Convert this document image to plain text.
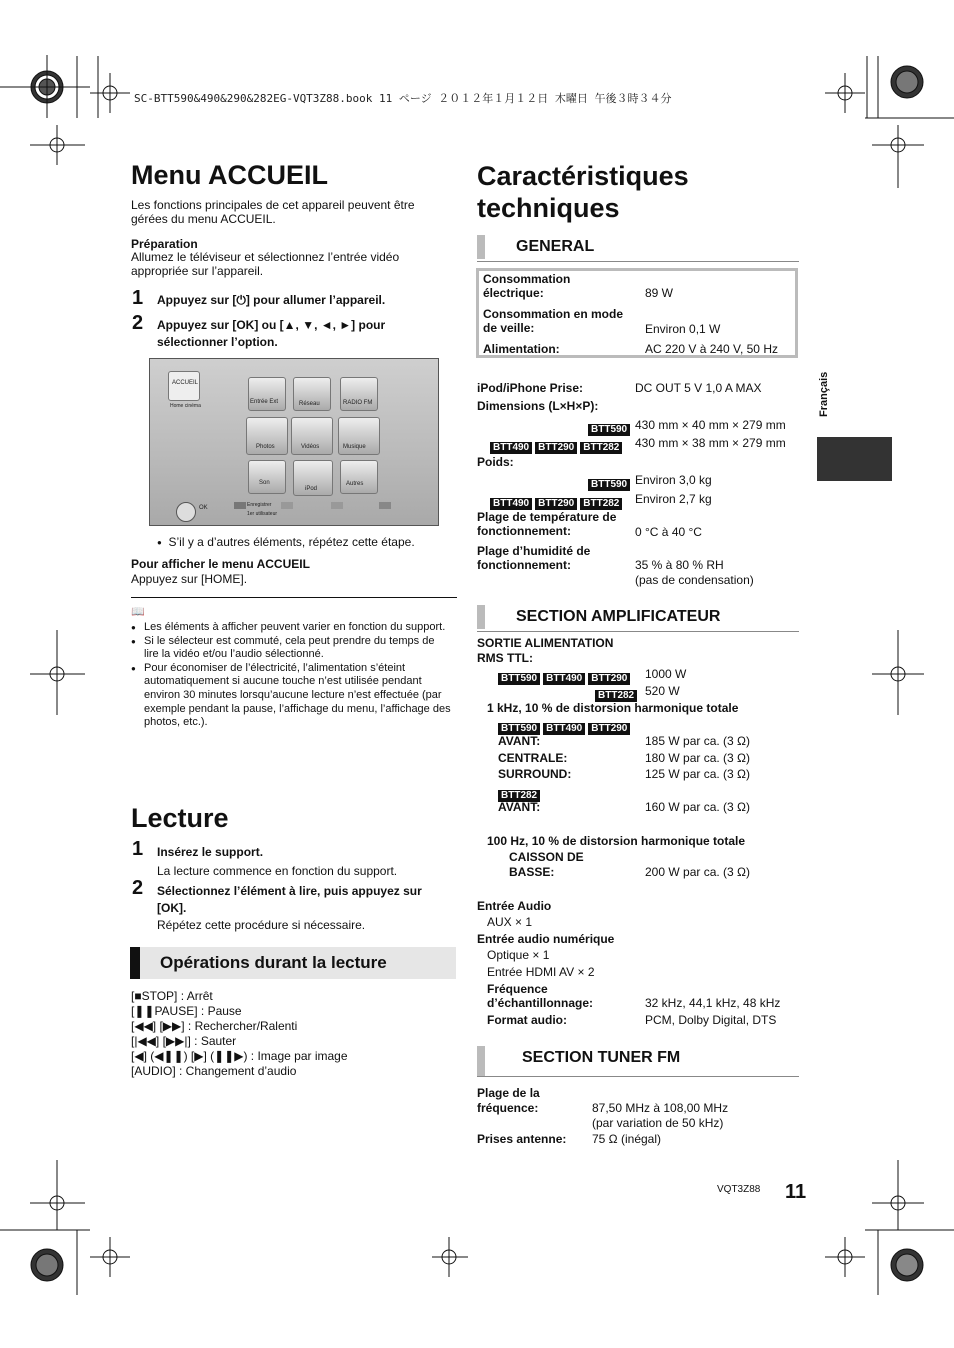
SC-BTT590&490&290&282EG-VQT3Z88.book 11 ページ ２０１２年１月１２日 木曜日 午後３時３４分
Français
Menu ACCUEIL
Les fonctions principales de cet appareil peuvent être gérées du menu ACCUEIL.
Préparation
Allumez le téléviseur et sélectionnez l’entrée vidéo appropriée sur l’appareil.
1 Appuyez sur [⏻] pour allumer l’appareil.
2 Appuyez sur [OK] ou [▲, ▼, ◄, ►] pour sélectionner l’option.
ACCUEIL
Home cinéma
Entrée Ext	Réseau	RADIO FM
Photos	Vidéos	Musique
Son
iPod
Autres
OK	Enregistrer
1er utilisateur
● S’il y a d’autres éléments, répétez cette étape.
Pour afficher le menu ACCUEIL
Appuyez sur [HOME].
📖
● Les éléments à afficher peuvent varier en fonction du support.
● Si le sélecteur est commuté, cela peut prendre du temps de lire la vidéo et/ou l’audio sélectionné.
● Pour économiser de l’électricité, l’alimentation s’éteint automatiquement si aucune touche n’est utilisée pendant environ 30 minutes lorsqu’aucune lecture n’est effectuée (par exemple pendant la pause, l’affichage du menu, l’affichage des photos, etc.).
Lecture
1 Insérez le support.
La lecture commence en fonction du support.
2 Sélectionnez l’élément à lire, puis appuyez sur [OK].
Répétez cette procédure si nécessaire.
Opérations durant la lecture
[■STOP] : Arrêt
[❚❚PAUSE] : Pause
[◀◀] [▶▶] : Rechercher/Ralenti
[|◀◀] [▶▶|] : Sauter
[◀] (◀❚❚) [▶] (❚❚▶) : Image par image
[AUDIO] : Changement d’audio
Caractéristiques techniques
GENERAL
Consommation électrique:	89 W
Consommation en mode de veille:	Environ 0,1 W
Alimentation:	AC 220 V à 240 V, 50 Hz
iPod/iPhone Prise:	DC OUT 5 V 1,0 A MAX
Dimensions (L×H×P):
BTT590 430 mm × 40 mm × 279 mm
BTT490 BTT290 BTT282 430 mm × 38 mm × 279 mm
Poids:
BTT590 Environ 3,0 kg
BTT490 BTT290 BTT282 Environ 2,7 kg
Plage de température de fonctionnement:	0 °C à 40 °C
Plage d’humidité de fonctionnement:	35 % à 80 % RH
(pas de condensation)
SECTION AMPLIFICATEUR
SORTIE ALIMENTATION RMS TTL:
BTT590 BTT490 BTT290 1000 W
BTT282 520 W
1 kHz, 10 % de distorsion harmonique totale
BTT590 BTT490 BTT290
AVANT:	185 W par ca. (3 Ω)
CENTRALE:	180 W par ca. (3 Ω)
SURROUND:	125 W par ca. (3 Ω)
BTT282
AVANT:	160 W par ca. (3 Ω)
100 Hz, 10 % de distorsion harmonique totale
CAISSON DE BASSE:	200 W par ca. (3 Ω)
Entrée Audio
AUX × 1
Entrée audio numérique
Optique × 1
Entrée HDMI AV × 2
Fréquence d’échantillonnage:	32 kHz, 44,1 kHz, 48 kHz
Format audio:	PCM, Dolby Digital, DTS
SECTION TUNER FM
Plage de la fréquence:	87,50 MHz à 108,00 MHz
(par variation de 50 kHz)
Prises antenne: 75 Ω (inégal)
VQT3Z88 11
